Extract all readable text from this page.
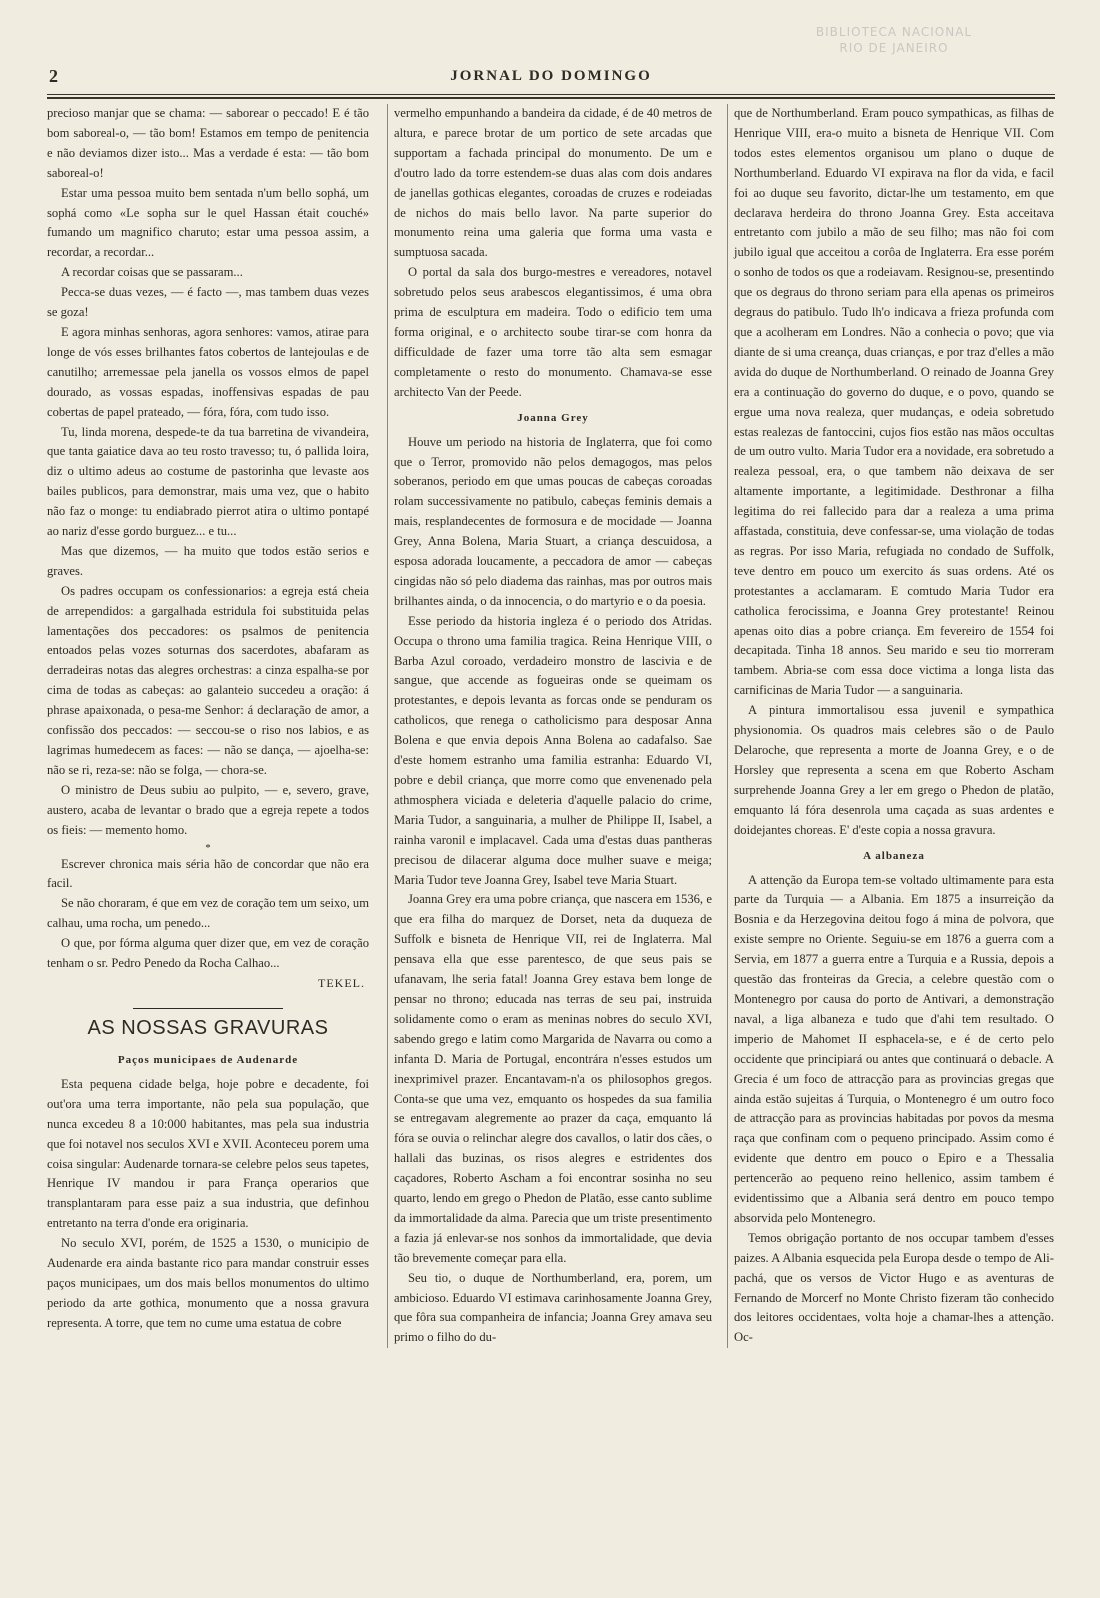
BIBLIOTECA NACIONAL
RIO DE JANEIRO
2	JORNAL DO DOMINGO

precioso manjar que se chama: — saborear o peccado! E é tão bom saboreal-o, — tão bom! Estamos em tempo de penitencia e não deviamos dizer isto... Mas a verdade é esta: — tão bom saboreal-o!

Estar uma pessoa muito bem sentada n'um bello sophá, um sophá como «Le sopha sur le quel Hassan était couché» fumando um magnifico charuto; estar uma pessoa assim, a recordar, a recordar...

A recordar coisas que se passaram...

Pecca-se duas vezes, — é facto —, mas tambem duas vezes se goza!

E agora minhas senhoras, agora senhores: vamos, atirae para longe de vós esses brilhantes fatos cobertos de lantejoulas e de canutilho; arremessae pela janella os vossos elmos de papel dourado, as vossas espadas, inoffensivas espadas de pau cobertas de papel prateado, — fóra, fóra, com tudo isso.

Tu, linda morena, despede-te da tua barretina de vivandeira, que tanta gaiatice dava ao teu rosto travesso; tu, ó pallida loira, diz o ultimo adeus ao costume de pastorinha que levaste aos bailes publicos, para demonstrar, mais uma vez, que o habito não faz o monge: tu endiabrado pierrot atira o ultimo pontapé ao nariz d'esse gordo burguez... e tu...

Mas que dizemos, — ha muito que todos estão serios e graves.

Os padres occupam os confessionarios: a egreja está cheia de arrependidos: a gargalhada estridula foi substituida pelas lamentações dos peccadores: os psalmos de penitencia entoados pelas vozes soturnas dos sacerdotes, abafaram as derradeiras notas das alegres orchestras: a cinza espalha-se por cima de todas as cabeças: ao galanteio succedeu a oração: á phrase apaixonada, o pesa-me Senhor: á declaração de amor, a confissão dos peccados: — seccou-se o riso nos labios, e as lagrimas humedecem as faces: — não se dança, — ajoelha-se: não se ri, reza-se: não se folga, — chora-se.

O ministro de Deus subiu ao pulpito, — e, severo, grave, austero, acaba de levantar o brado que a egreja repete a todos os fieis: — memento homo.

*

Escrever chronica mais séria hão de concordar que não era facil.

Se não choraram, é que em vez de coração tem um seixo, um calhau, uma rocha, um penedo...

O que, por fórma alguma quer dizer que, em vez de coração tenham o sr. Pedro Penedo da Rocha Calhao...

TEKEL.
AS NOSSAS GRAVURAS
Paços municipaes de Audenarde

Esta pequena cidade belga, hoje pobre e decadente, foi out'ora uma terra importante, não pela sua população, que nunca excedeu 8 a 10:000 habitantes, mas pela sua industria que foi notavel nos seculos XVI e XVII. Aconteceu porem uma coisa singular: Audenarde tornara-se celebre pelos seus tapetes, Henrique IV mandou ir para França operarios que transplantaram para esse paiz a sua industria, que definhou entretanto na terra d'onde era originaria.

No seculo XVI, porém, de 1525 a 1530, o municipio de Audenarde era ainda bastante rico para mandar construir esses paços municipaes, um dos mais bellos monumentos do ultimo periodo da arte gothica, monumento que a nossa gravura representa. A torre, que tem no cume uma estatua de cobre

vermelho empunhando a bandeira da cidade, é de 40 metros de altura, e parece brotar de um portico de sete arcadas que supportam a fachada principal do monumento. De um e d'outro lado da torre estendem-se duas alas com dois andares de janellas gothicas elegantes, coroadas de cruzes e rodeiadas de nichos do mais bello lavor. Na parte superior do monumento reina uma galeria que forma uma vasta e sumptuosa sacada.

O portal da sala dos burgo-mestres e vereadores, notavel sobretudo pelos seus arabescos elegantissimos, é uma obra prima de esculptura em madeira. Todo o edificio tem uma forma original, e o architecto soube tirar-se com honra da difficuldade de fazer uma torre tão alta sem esmagar completamente o resto do monumento. Chamava-se esse architecto Van der Peede.

Joanna Grey

Houve um periodo na historia de Inglaterra, que foi como que o Terror, promovido não pelos demagogos, mas pelos soberanos, periodo em que umas poucas de cabeças coroadas rolam successivamente no patibulo, cabeças feminis demais a mais, resplandecentes de formosura e de mocidade — Joanna Grey, Anna Bolena, Maria Stuart, a criança descuidosa, a esposa adorada loucamente, a peccadora de amor — cabeças cingidas não só pelo diadema das rainhas, mas por outros mais brilhantes ainda, o da innocencia, o do martyrio e o da poesia.

Esse periodo da historia ingleza é o periodo dos Atridas. Occupa o throno uma familia tragica. Reina Henrique VIII, o Barba Azul coroado, verdadeiro monstro de lascivia e de sangue, que accende as fogueiras onde se queimam os protestantes, e depois levanta as forcas onde se penduram os catholicos, que renega o catholicismo para desposar Anna Bolena e que envia depois Anna Bolena ao cadafalso. Sae d'este homem estranho uma familia estranha: Eduardo VI, pobre e debil criança, que morre como que envenenado pela athmosphera viciada e deleteria d'aquelle palacio do crime, Maria Tudor, a sanguinaria, a mulher de Philippe II, Isabel, a rainha varonil e implacavel. Cada uma d'estas duas pantheras precisou de dilacerar alguma doce mulher suave e meiga; Maria Tudor teve Joanna Grey, Isabel teve Maria Stuart.

Joanna Grey era uma pobre criança, que nascera em 1536, e que era filha do marquez de Dorset, neta da duqueza de Suffolk e bisneta de Henrique VII, rei de Inglaterra. Mal pensava ella que esse parentesco, de que seus pais se ufanavam, lhe seria fatal! Joanna Grey estava bem longe de pensar no throno; educada nas terras de seu pai, instruida solidamente como o eram as meninas nobres do seculo XVI, sabendo grego e latim como Margarida de Navarra ou como a infanta D. Maria de Portugal, encontrára n'esses estudos um inexprimivel prazer. Encantavam-n'a os philosophos gregos. Conta-se que uma vez, emquanto os hospedes da sua familia se entregavam alegremente ao prazer da caça, emquanto lá fóra se ouvia o relinchar alegre dos cavallos, o latir dos cães, o hallali das buzinas, os risos alegres e estridentes dos caçadores, Roberto Ascham a foi encontrar sosinha no seu quarto, lendo em grego o Phedon de Platão, esse canto sublime da immortalidade da alma. Parecia que um triste presentimento a fazia já enlevar-se nos sonhos da immortalidade, que devia tão brevemente começar para ella.

Seu tio, o duque de Northumberland, era, porem, um ambicioso. Eduardo VI estimava carinhosamente Joanna Grey, que fôra sua companheira de infancia; Joanna Grey amava seu primo o filho do du-

que de Northumberland. Eram pouco sympathicas, as filhas de Henrique VIII, era-o muito a bisneta de Henrique VII. Com todos estes elementos organisou um plano o duque de Northumberland. Eduardo VI expirava na flor da vida, e facil foi ao duque seu favorito, dictar-lhe um testamento, em que declarava herdeira do throno Joanna Grey. Esta acceitava entretanto com jubilo a mão de seu filho; mas não foi com jubilo igual que acceitou a corôa de Inglaterra. Era esse porém o sonho de todos os que a rodeiavam. Resignou-se, presentindo que os degraus do throno seriam para ella apenas os primeiros degraus do patibulo. Tudo lh'o indicava a frieza profunda com que a acolheram em Londres. Não a conhecia o povo; que via diante de si uma creança, duas crianças, e por traz d'elles a mão avida do duque de Northumberland. O reinado de Joanna Grey era a continuação do governo do duque, e o povo, quando se ergue uma nova realeza, quer mudanças, e odeia sobretudo estas realezas de fantoccini, cujos fios estão nas mãos occultas de um outro vulto. Maria Tudor era a novidade, era sobretudo a realeza pessoal, era, o que tambem não deixava de ser altamente importante, a legitimidade. Desthronar a filha legitima do rei fallecido para dar a realeza a uma prima affastada, constituia, deve confessar-se, uma violação de todas as regras. Por isso Maria, refugiada no condado de Suffolk, teve dentro em pouco um exercito ás suas ordens. Até os protestantes a acclamaram. E comtudo Maria Tudor era catholica ferocissima, e Joanna Grey protestante! Reinou apenas oito dias a pobre criança. Em fevereiro de 1554 foi decapitada. Tinha 18 annos. Seu marido e seu tio morreram tambem. Abria-se com essa doce victima a longa lista das carnificinas de Maria Tudor — a sanguinaria.

A pintura immortalisou essa juvenil e sympathica physionomia. Os quadros mais celebres são o de Paulo Delaroche, que representa a morte de Joanna Grey, e o de Horsley que representa a scena em que Roberto Ascham surprehende Joanna Grey a ler em grego o Phedon de platão, emquanto lá fóra desenrola uma caçada as suas ardentes e doidejantes choreas. E' d'este copia a nossa gravura.

A albaneza

A attenção da Europa tem-se voltado ultimamente para esta parte da Turquia — a Albania. Em 1875 a insurreição da Bosnia e da Herzegovina deitou fogo á mina de polvora, que existe sempre no Oriente. Seguiu-se em 1876 a guerra com a Servia, em 1877 a guerra entre a Turquia e a Russia, depois a questão das fronteiras da Grecia, a celebre questão com o Montenegro por causa do porto de Antivari, a demonstração naval, a liga albaneza e tudo que d'ahi tem resultado. O imperio de Mahomet II esphacela-se, e é de certo pelo occidente que principiará ou antes que continuará o debacle. A Grecia é um foco de attracção para as provincias gregas que ainda estão sujeitas á Turquia, o Montenegro é um outro foco de attracção para as provincias habitadas por povos da mesma raça que confinam com o pequeno principado. Assim como é evidente que dentro em pouco o Epiro e a Thessalia pertencerão ao pequeno reino hellenico, assim tambem é evidentissimo que a Albania será dentro em pouco tempo absorvida pelo Montenegro.

Temos obrigação portanto de nos occupar tambem d'esses paizes. A Albania esquecida pela Europa desde o tempo de Ali-pachá, que os versos de Victor Hugo e as aventuras de Fernando de Morcerf no Monte Christo fizeram tão conhecido dos leitores occidentaes, volta hoje a chamar-lhes a attenção. Oc-
